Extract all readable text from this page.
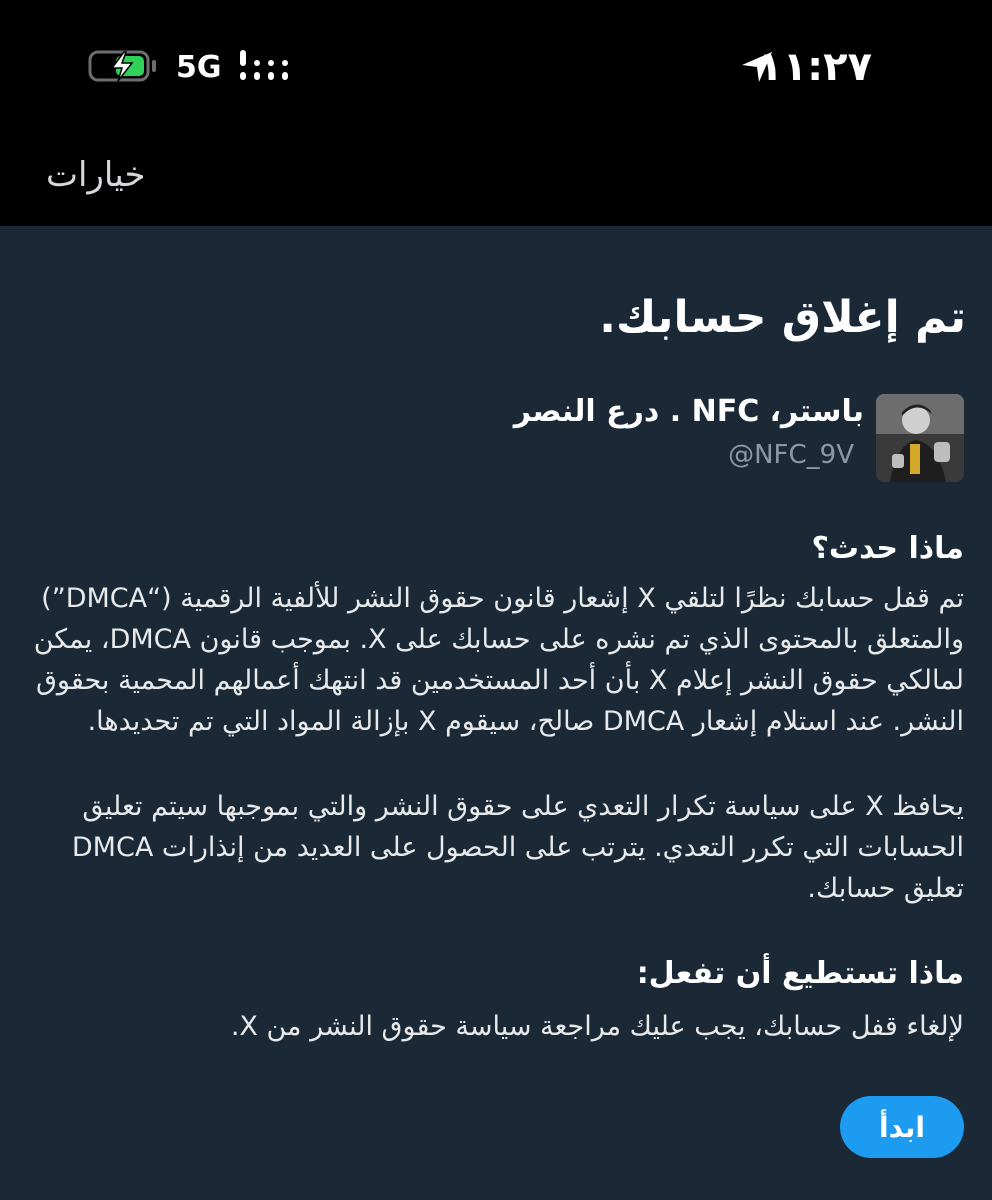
5G	١١:٢٧
خيارات
تم إغلاق حسابك.
باستر، NFC . درع النصر
@NFC_9V
ماذا حدث؟
تم قفل حسابك نظرًا لتلقي X إشعار قانون حقوق النشر للألفية الرقمية (“DMCA”) والمتعلق بالمحتوى الذي تم نشره على حسابك على X. بموجب قانون DMCA، يمكن لمالكي حقوق النشر إعلام X بأن أحد المستخدمين قد انتهك أعمالهم المحمية بحقوق النشر. عند استلام إشعار DMCA صالح، سيقوم X بإزالة المواد التي تم تحديدها.
يحافظ X على سياسة تكرار التعدي على حقوق النشر والتي بموجبها سيتم تعليق الحسابات التي تكرر التعدي. يترتب على الحصول على العديد من إنذارات DMCA تعليق حسابك.
ماذا تستطيع أن تفعل:
لإلغاء قفل حسابك، يجب عليك مراجعة سياسة حقوق النشر من X.
ابدأ
